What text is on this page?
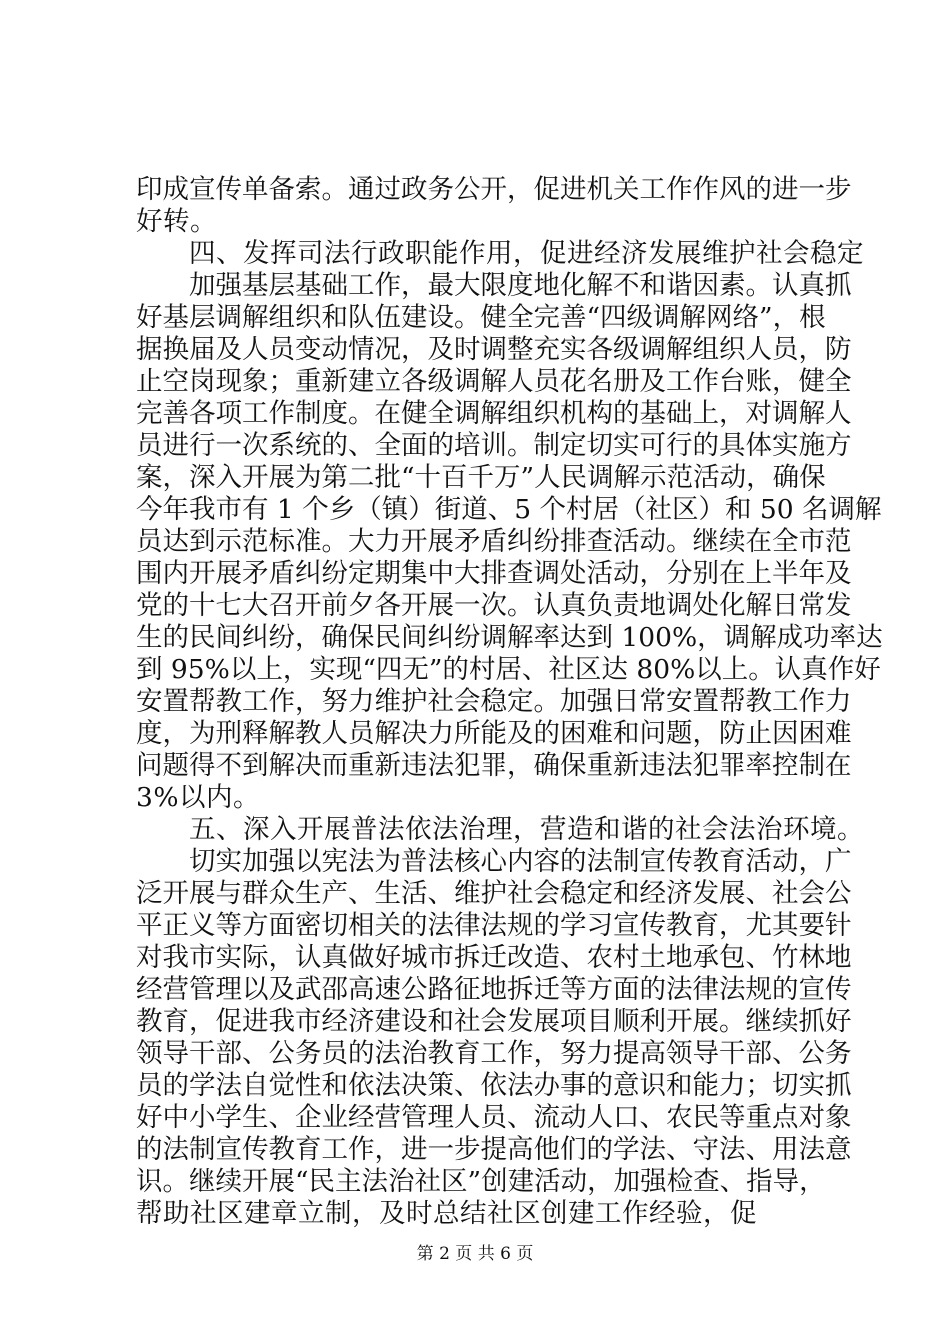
印成宣传单备索。通过政务公开，促进机关工作作风的进一步
好转。
四、发挥司法行政职能作用，促进经济发展维护社会稳定
加强基层基础工作，最大限度地化解不和谐因素。认真抓
好基层调解组织和队伍建设。健全完善“四级调解网络”，根
据换届及人员变动情况，及时调整充实各级调解组织人员，防
止空岗现象；重新建立各级调解人员花名册及工作台账，健全
完善各项工作制度。在健全调解组织机构的基础上，对调解人
员进行一次系统的、全面的培训。制定切实可行的具体实施方
案，深入开展为第二批“十百千万”人民调解示范活动，确保
今年我市有 1 个乡（镇）街道、5 个村居（社区）和 50 名调解
员达到示范标准。大力开展矛盾纠纷排查活动。继续在全市范
围内开展矛盾纠纷定期集中大排查调处活动，分别在上半年及
党的十七大召开前夕各开展一次。认真负责地调处化解日常发
生的民间纠纷，确保民间纠纷调解率达到 100%，调解成功率达
到 95%以上，实现“四无”的村居、社区达 80%以上。认真作好
安置帮教工作，努力维护社会稳定。加强日常安置帮教工作力
度，为刑释解教人员解决力所能及的困难和问题，防止因困难
问题得不到解决而重新违法犯罪，确保重新违法犯罪率控制在
3%以内。
五、深入开展普法依法治理，营造和谐的社会法治环境。
切实加强以宪法为普法核心内容的法制宣传教育活动，广
泛开展与群众生产、生活、维护社会稳定和经济发展、社会公
平正义等方面密切相关的法律法规的学习宣传教育，尤其要针
对我市实际，认真做好城市拆迁改造、农村土地承包、竹林地
经营管理以及武邵高速公路征地拆迁等方面的法律法规的宣传
教育，促进我市经济建设和社会发展项目顺利开展。继续抓好
领导干部、公务员的法治教育工作，努力提高领导干部、公务
员的学法自觉性和依法决策、依法办事的意识和能力；切实抓
好中小学生、企业经营管理人员、流动人口、农民等重点对象
的法制宣传教育工作，进一步提高他们的学法、守法、用法意
识。继续开展“民主法治社区”创建活动，加强检查、指导，
帮助社区建章立制，及时总结社区创建工作经验，促
第 2 页 共 6 页
